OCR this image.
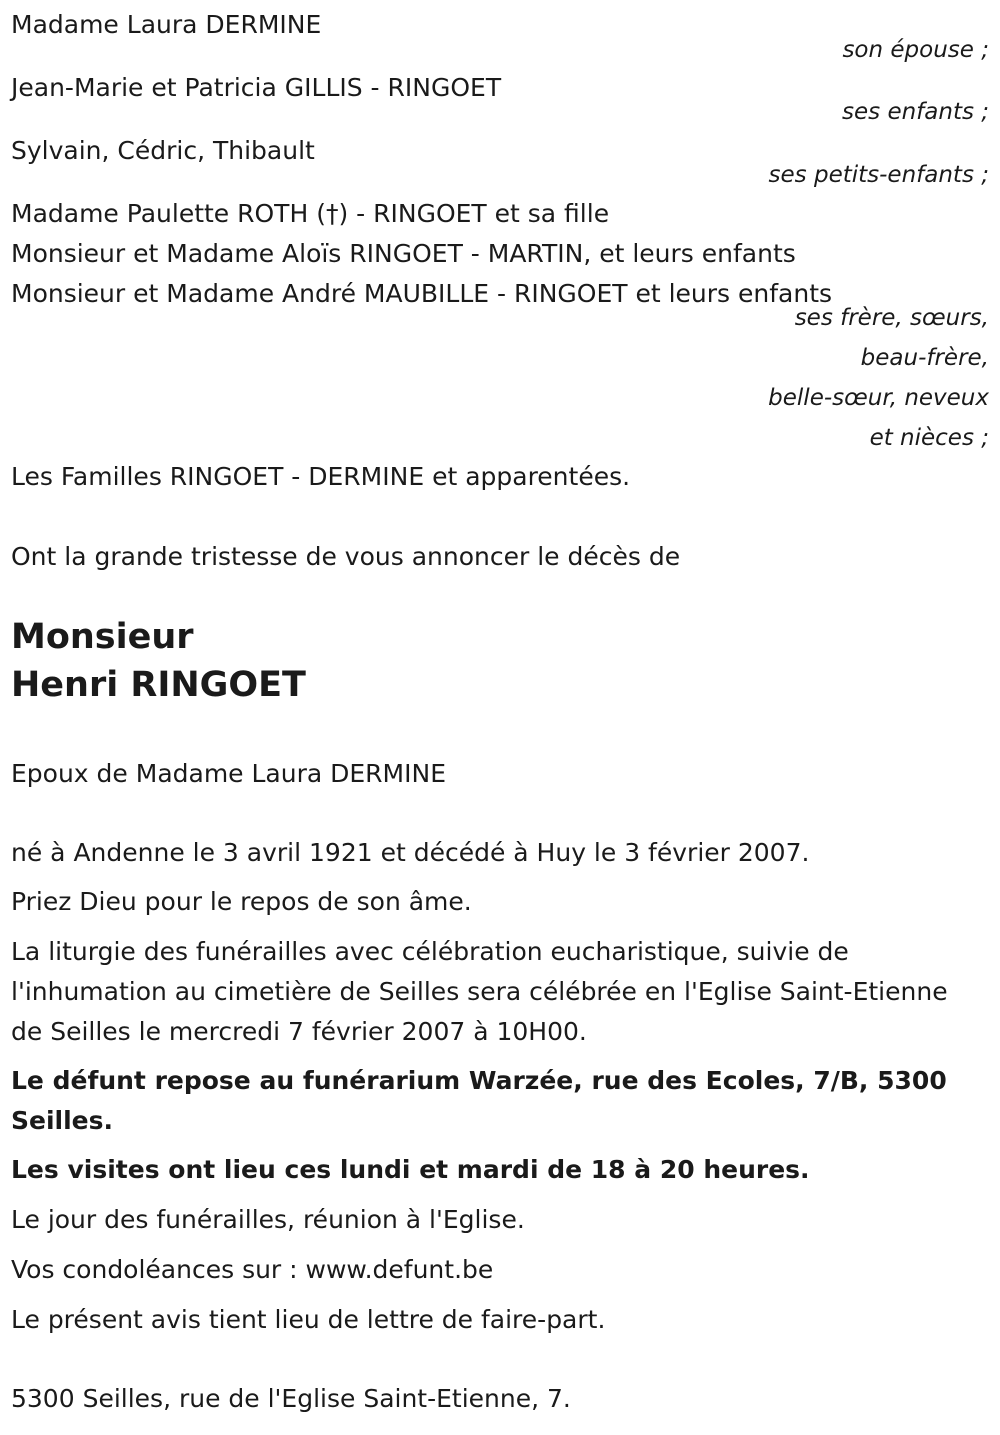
Madame Laura DERMINE
son épouse ;
Jean-Marie et Patricia GILLIS - RINGOET
ses enfants ;
Sylvain, Cédric, Thibault
ses petits-enfants ;
Madame Paulette ROTH (†) - RINGOET et sa fille
Monsieur et Madame Aloïs RINGOET - MARTIN, et leurs enfants
Monsieur et Madame André MAUBILLE - RINGOET et leurs enfants
ses frère, sœurs,
beau-frère,
belle-sœur, neveux
et nièces ;
Les Familles RINGOET - DERMINE et apparentées.
Ont la grande tristesse de vous annoncer le décès de
Monsieur
Henri RINGOET
Epoux de Madame Laura DERMINE
né à Andenne le 3 avril 1921 et décédé à Huy le 3 février 2007.
Priez Dieu pour le repos de son âme.
La liturgie des funérailles avec célébration eucharistique, suivie de l'inhumation au cimetière de Seilles sera célébrée en l'Eglise Saint-Etienne de Seilles le mercredi 7 février 2007 à 10H00.
Le défunt repose au funérarium Warzée, rue des Ecoles, 7/B, 5300 Seilles.
Les visites ont lieu ces lundi et mardi de 18 à 20 heures.
Le jour des funérailles, réunion à l'Eglise.
Vos condoléances sur : www.defunt.be
Le présent avis tient lieu de lettre de faire-part.
5300 Seilles, rue de l'Eglise Saint-Etienne, 7.
